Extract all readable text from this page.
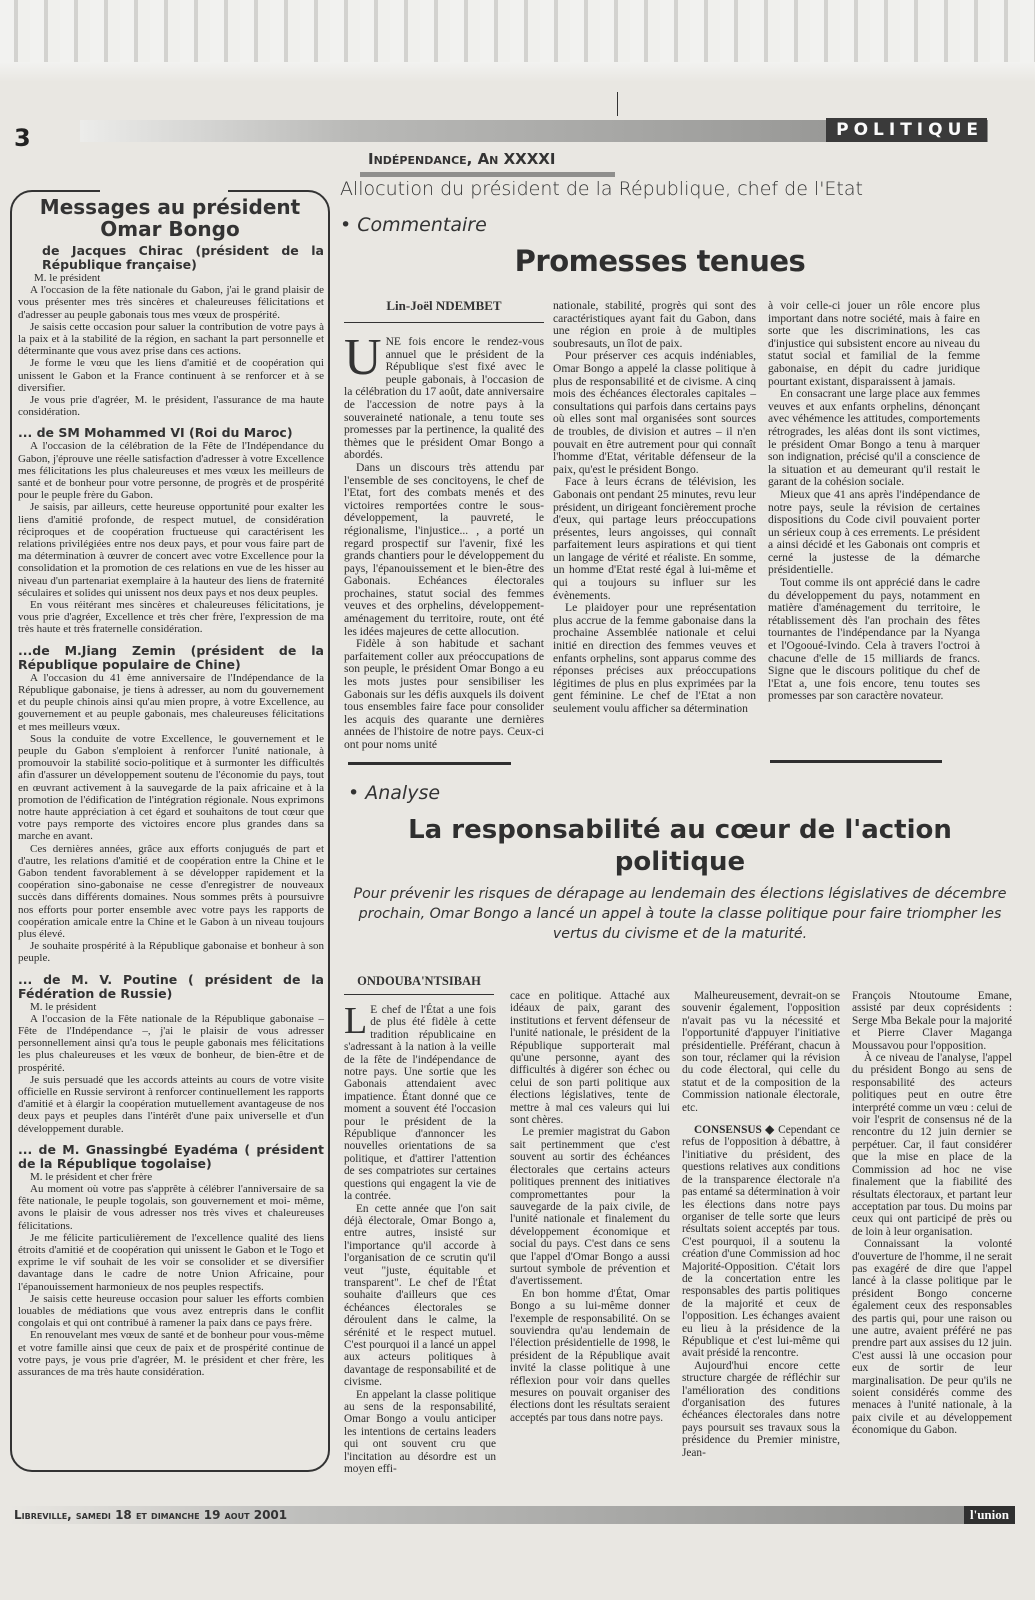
3	POLITIQUE
Messages au président Omar Bongo
de Jacques Chirac (président de la République française)

M. le président

A l'occasion de la fête nationale du Gabon, j'ai le grand plaisir de vous présenter mes très sincères et chaleureuses félicitations et d'adresser au peuple gabonais tous mes vœux de prospérité.

Je saisis cette occasion pour saluer la contribution de votre pays à la paix et à la stabilité de la région, en sachant la part personnelle et déterminante que vous avez prise dans ces actions.

Je forme le vœu que les liens d'amitié et de coopération qui unissent le Gabon et la France continuent à se renforcer et à se diversifier.

Je vous prie d'agréer, M. le président, l'assurance de ma haute considération.

... de SM Mohammed VI (Roi du Maroc)

A l'occasion de la célébration de la Fête de l'Indépendance du Gabon, j'éprouve une réelle satisfaction d'adresser à votre Excellence mes félicitations les plus chaleureuses et mes vœux les meilleurs de santé et de bonheur pour votre personne, de progrès et de prospérité pour le peuple frère du Gabon.

Je saisis, par ailleurs, cette heureuse opportunité pour exalter les liens d'amitié profonde, de respect mutuel, de considération réciproques et de coopération fructueuse qui caractérisent les relations privilégiées entre nos deux pays, et pour vous faire part de ma détermination à œuvrer de concert avec votre Excellence pour la consolidation et la promotion de ces relations en vue de les hisser au niveau d'un partenariat exemplaire à la hauteur des liens de fraternité séculaires et solides qui unissent nos deux pays et nos deux peuples.

En vous réitérant mes sincères et chaleureuses félicitations, je vous prie d'agréer, Excellence et très cher frère, l'expression de ma très haute et très fraternelle considération.

...de M.Jiang Zemin (président de la République populaire de Chine)

A l'occasion du 41 ème anniversaire de l'Indépendance de la République gabonaise, je tiens à adresser, au nom du gouvernement et du peuple chinois ainsi qu'au mien propre, à votre Excellence, au gouvernement et au peuple gabonais, mes chaleureuses félicitations et mes meilleurs vœux.

Sous la conduite de votre Excellence, le gouvernement et le peuple du Gabon s'emploient à renforcer l'unité nationale, à promouvoir la stabilité socio-politique et à surmonter les difficultés afin d'assurer un développement soutenu de l'économie du pays, tout en œuvrant activement à la sauvegarde de la paix africaine et à la promotion de l'édification de l'intégration régionale. Nous exprimons notre haute appréciation à cet égard et souhaitons de tout cœur que votre pays remporte des victoires encore plus grandes dans sa marche en avant.

Ces dernières années, grâce aux efforts conjugués de part et d'autre, les relations d'amitié et de coopération entre la Chine et le Gabon tendent favorablement à se développer rapidement et la coopération sino-gabonaise ne cesse d'enregistrer de nouveaux succès dans différents domaines. Nous sommes prêts à poursuivre nos efforts pour porter ensemble avec votre pays les rapports de coopération amicale entre la Chine et le Gabon à un niveau toujours plus élevé.

Je souhaite prospérité à la République gabonaise et bonheur à son peuple.

... de M. V. Poutine ( président de la Fédération de Russie)

M. le président

A l'occasion de la Fête nationale de la République gabonaise – Fête de l'Indépendance –, j'ai le plaisir de vous adresser personnellement ainsi qu'a tous le peuple gabonais mes félicitations les plus chaleureuses et les vœux de bonheur, de bien-être et de prospérité.

Je suis persuadé que les accords atteints au cours de votre visite officielle en Russie serviront à renforcer continuellement les rapports d'amitié et à élargir la coopération mutuellement avantageuse de nos deux pays et peuples dans l'intérêt d'une paix universelle et d'un développement durable.

... de M. Gnassingbé Eyadéma ( président de la République togolaise)

M. le président et cher frère

Au moment où votre pas s'apprête à célébrer l'anniversaire de sa fête nationale, le peuple togolais, son gouvernement et moi- même, avons le plaisir de vous adresser nos très vives et chaleureuses félicitations.

Je me félicite particulièrement de l'excellence qualité des liens étroits d'amitié et de coopération qui unissent le Gabon et le Togo et exprime le vif souhait de les voir se consolider et se diversifier davantage dans le cadre de notre Union Africaine, pour l'épanouissement harmonieux de nos peuples respectifs.

Je saisis cette heureuse occasion pour saluer les efforts combien louables de médiations que vous avez entrepris dans le conflit congolais et qui ont contribué à ramener la paix dans ce pays frère.

En renouvelant mes vœux de santé et de bonheur pour vous-même et votre famille ainsi que ceux de paix et de prospérité continue de votre pays, je vous prie d'agréer, M. le président et cher frère, les assurances de ma très haute considération.

Indépendance, An XXXXI
Allocution du président de la République, chef de l'Etat
• Commentaire
Promesses tenues
Lin-Joël NDEMBET

UNE fois encore le rendez-vous annuel que le président de la République s'est fixé avec le peuple gabonais, à l'occasion de la célébration du 17 août, date anniversaire de l'accession de notre pays à la souveraineté nationale, a tenu toute ses promesses par la pertinence, la qualité des thèmes que le président Omar Bongo a abordés.

Dans un discours très attendu par l'ensemble de ses concitoyens, le chef de l'Etat, fort des combats menés et des victoires remportées contre le sous-développement, la pauvreté, le régionalisme, l'injustice... , a porté un regard prospectif sur l'avenir, fixé les grands chantiers pour le développement du pays, l'épanouissement et le bien-être des Gabonais. Echéances électorales prochaines, statut social des femmes veuves et des orphelins, développement-aménagement du territoire, route, ont été les idées majeures de cette allocution.

Fidèle à son habitude et sachant parfaitement coller aux préoccupations de son peuple, le président Omar Bongo a eu les mots justes pour sensibiliser les Gabonais sur les défis auxquels ils doivent tous ensembles faire face pour consolider les acquis des quarante une dernières années de l'histoire de notre pays. Ceux-ci ont pour noms unité

nationale, stabilité, progrès qui sont des caractéristiques ayant fait du Gabon, dans une région en proie à de multiples soubresauts, un îlot de paix.

Pour préserver ces acquis indéniables, Omar Bongo a appelé la classe politique à plus de responsabilité et de civisme. A cinq mois des échéances électorales capitales – consultations qui parfois dans certains pays où elles sont mal organisées sont sources de troubles, de division et autres – il n'en pouvait en être autrement pour qui connaît l'homme d'Etat, véritable défenseur de la paix, qu'est le président Bongo.

Face à leurs écrans de télévision, les Gabonais ont pendant 25 minutes, revu leur président, un dirigeant foncièrement proche d'eux, qui partage leurs préoccupations présentes, leurs angoisses, qui connaît parfaitement leurs aspirations et qui tient un langage de vérité et réaliste. En somme, un homme d'Etat resté égal à lui-même et qui a toujours su influer sur les évènements.

Le plaidoyer pour une représentation plus accrue de la femme gabonaise dans la prochaine Assemblée nationale et celui initié en direction des femmes veuves et enfants orphelins, sont apparus comme des réponses précises aux préoccupations légitimes de plus en plus exprimées par la gent féminine. Le chef de l'Etat a non seulement voulu afficher sa détermination

à voir celle-ci jouer un rôle encore plus important dans notre société, mais à faire en sorte que les discriminations, les cas d'injustice qui subsistent encore au niveau du statut social et familial de la femme gabonaise, en dépit du cadre juridique pourtant existant, disparaissent à jamais.

En consacrant une large place aux femmes veuves et aux enfants orphelins, dénonçant avec véhémence les attitudes, comportements rétrogrades, les aléas dont ils sont victimes, le président Omar Bongo a tenu à marquer son indignation, précisé qu'il a conscience de la situation et au demeurant qu'il restait le garant de la cohésion sociale.

Mieux que 41 ans après l'indépendance de notre pays, seule la révision de certaines dispositions du Code civil pouvaient porter un sérieux coup à ces errements. Le président a ainsi décidé et les Gabonais ont compris et cerné la justesse de la démarche présidentielle.

Tout comme ils ont apprécié dans le cadre du développement du pays, notamment en matière d'aménagement du territoire, le rétablissement dès l'an prochain des fêtes tournantes de l'indépendance par la Nyanga et l'Ogooué-Ivindo. Cela à travers l'octroi à chacune d'elle de 15 milliards de francs. Signe que le discours politique du chef de l'Etat a, une fois encore, tenu toutes ses promesses par son caractère novateur.

• Analyse
La responsabilité au cœur de l'action politique
Pour prévenir les risques de dérapage au lendemain des élections législatives de décembre prochain, Omar Bongo a lancé un appel à toute la classe politique pour faire triompher les vertus du civisme et de la maturité.
ONDOUBA'NTSIBAH

L E chef de l'État a une fois de plus été fidèle à cette tradition républicaine en s'adressant à la nation à la veille de la fête de l'indépendance de notre pays. Une sortie que les Gabonais attendaient avec impatience. Étant donné que ce moment a souvent été l'occasion pour le président de la République d'annoncer les nouvelles orientations de sa politique, et d'attirer l'attention de ses compatriotes sur certaines questions qui engagent la vie de la contrée.

En cette année que l'on sait déjà électorale, Omar Bongo a, entre autres, insisté sur l'importance qu'il accorde à l'organisation de ce scrutin qu'il veut "juste, équitable et transparent". Le chef de l'État souhaite d'ailleurs que ces échéances électorales se déroulent dans le calme, la sérénité et le respect mutuel. C'est pourquoi il a lancé un appel aux acteurs politiques à davantage de responsabilité et de civisme.

En appelant la classe politique au sens de la responsabilité, Omar Bongo a voulu anticiper les intentions de certains leaders qui ont souvent cru que l'incitation au désordre est un moyen effi-

cace en politique. Attaché aux idéaux de paix, garant des institutions et fervent défenseur de l'unité nationale, le président de la République supporterait mal qu'une personne, ayant des difficultés à digérer son échec ou celui de son parti politique aux élections législatives, tente de mettre à mal ces valeurs qui lui sont chères.

Le premier magistrat du Gabon sait pertinemment que c'est souvent au sortir des échéances électorales que certains acteurs politiques prennent des initiatives compromettantes pour la sauvegarde de la paix civile, de l'unité nationale et finalement du développement économique et social du pays. C'est dans ce sens que l'appel d'Omar Bongo a aussi surtout symbole de prévention et d'avertissement.

En bon homme d'État, Omar Bongo a su lui-même donner l'exemple de responsabilité. On se souviendra qu'au lendemain de l'élection présidentielle de 1998, le président de la République avait invité la classe politique à une réflexion pour voir dans quelles mesures on pouvait organiser des élections dont les résultats seraient acceptés par tous dans notre pays.

Malheureusement, devrait-on se souvenir également, l'opposition n'avait pas vu la nécessité et l'opportunité d'appuyer l'initiative présidentielle. Préférant, chacun à son tour, réclamer qui la révision du code électoral, qui celle du statut et de la composition de la Commission nationale électorale, etc.

CONSENSUS ◆ Cependant ce refus de l'opposition à débattre, à l'initiative du président, des questions relatives aux conditions de la transparence électorale n'a pas entamé sa détermination à voir les élections dans notre pays organiser de telle sorte que leurs résultats soient acceptés par tous. C'est pourquoi, il a soutenu la création d'une Commission ad hoc Majorité-Opposition. C'était lors de la concertation entre les responsables des partis politiques de la majorité et ceux de l'opposition. Les échanges avaient eu lieu à la présidence de la République et c'est lui-même qui avait présidé la rencontre.

Aujourd'hui encore cette structure chargée de réfléchir sur l'amélioration des conditions d'organisation des futures échéances électorales dans notre pays poursuit ses travaux sous la présidence du Premier ministre, Jean-

François Ntoutoume Emane, assisté par deux coprésidents : Serge Mba Bekale pour la majorité et Pierre Claver Maganga Moussavou pour l'opposition.

À ce niveau de l'analyse, l'appel du président Bongo au sens de responsabilité des acteurs politiques peut en outre être interprété comme un vœu : celui de voir l'esprit de consensus né de la rencontre du 12 juin dernier se perpétuer. Car, il faut considérer que la mise en place de la Commission ad hoc ne vise finalement que la fiabilité des résultats électoraux, et partant leur acceptation par tous. Du moins par ceux qui ont participé de près ou de loin à leur organisation.

Connaissant la volonté d'ouverture de l'homme, il ne serait pas exagéré de dire que l'appel lancé à la classe politique par le président Bongo concerne également ceux des responsables des partis qui, pour une raison ou une autre, avaient préféré ne pas prendre part aux assises du 12 juin. C'est aussi là une occasion pour eux de sortir de leur marginalisation. De peur qu'ils ne soient considérés comme des menaces à l'unité nationale, à la paix civile et au développement économique du Gabon.

Libreville, samedi 18 et dimanche 19 aout 2001	l'union
